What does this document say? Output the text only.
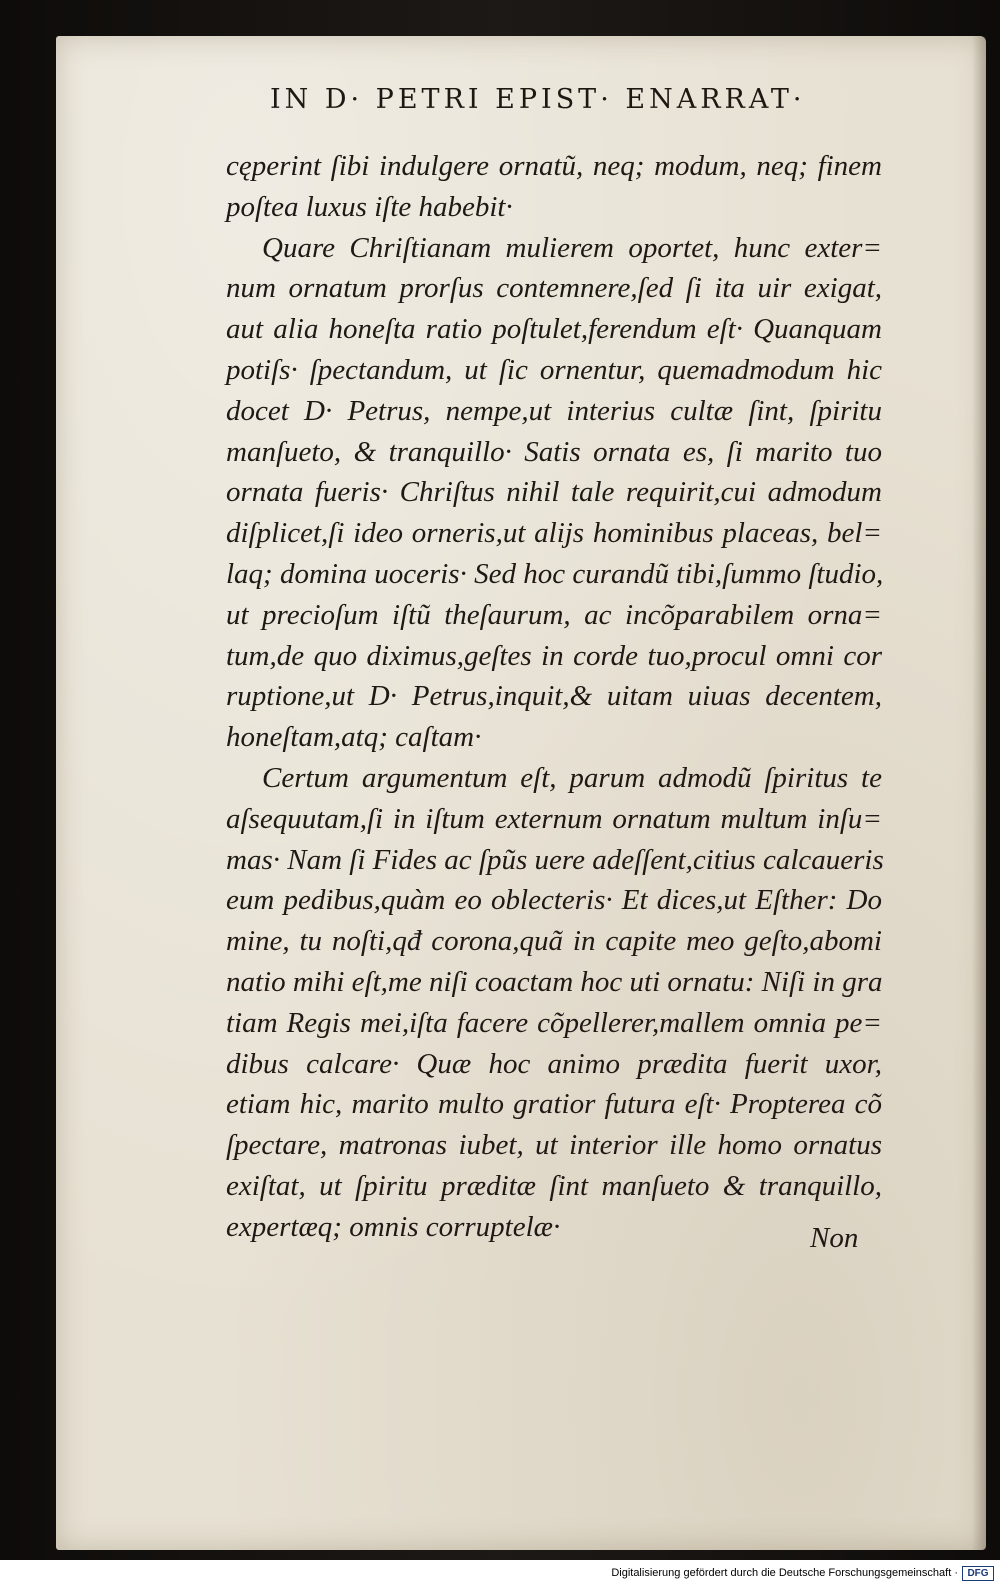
IN D· PETRI EPIST· ENARRAT·
cęperint ſibi indulgere ornatũ, neq; modum, neq; finem
poſtea luxus iſte habebit·
Quare Chriſtianam mulierem oportet, hunc exter=
num ornatum prorſus contemnere,ſed ſi ita uir exigat,
aut alia honeſta ratio poſtulet,ferendum eſt· Quanquam
potiſs· ſpectandum, ut ſic ornentur, quemadmodum hic
docet D· Petrus, nempe,ut interius cultæ ſint, ſpiritu
manſueto, & tranquillo· Satis ornata es, ſi marito tuo
ornata fueris· Chriſtus nihil tale requirit,cui admodum
diſplicet,ſi ideo orneris,ut alijs hominibus placeas, bel=
laq; domina uoceris· Sed hoc curandũ tibi,ſummo ſtudio,
ut precioſum iſtũ theſaurum, ac incõparabilem orna=
tum,de quo diximus,geſtes in corde tuo,procul omni cor
ruptione,ut D· Petrus,inquit,& uitam uiuas decentem,
honeſtam,atq; caſtam·
Certum argumentum eſt, parum admodũ ſpiritus te
aſsequutam,ſi in iſtum externum ornatum multum inſu=
mas· Nam ſi Fides ac ſpũs uere adeſſent,citius calcaueris
eum pedibus,quàm eo oblecteris· Et dices,ut Eſther: Do
mine, tu noſti,qđ corona,quã in capite meo geſto,abomi
natio mihi eſt,me niſi coactam hoc uti ornatu: Niſi in gra
tiam Regis mei,iſta facere cõpellerer,mallem omnia pe=
dibus calcare· Quæ hoc animo prædita fuerit uxor,
etiam hic, marito multo gratior futura eſt· Propterea cõ
ſpectare, matronas iubet, ut interior ille homo ornatus
exiſtat, ut ſpiritu præditæ ſint manſueto & tranquillo,
expertæq; omnis corruptelæ·	Non
Digitalisierung gefördert durch die Deutsche Forschungsgemeinschaft · DFG
